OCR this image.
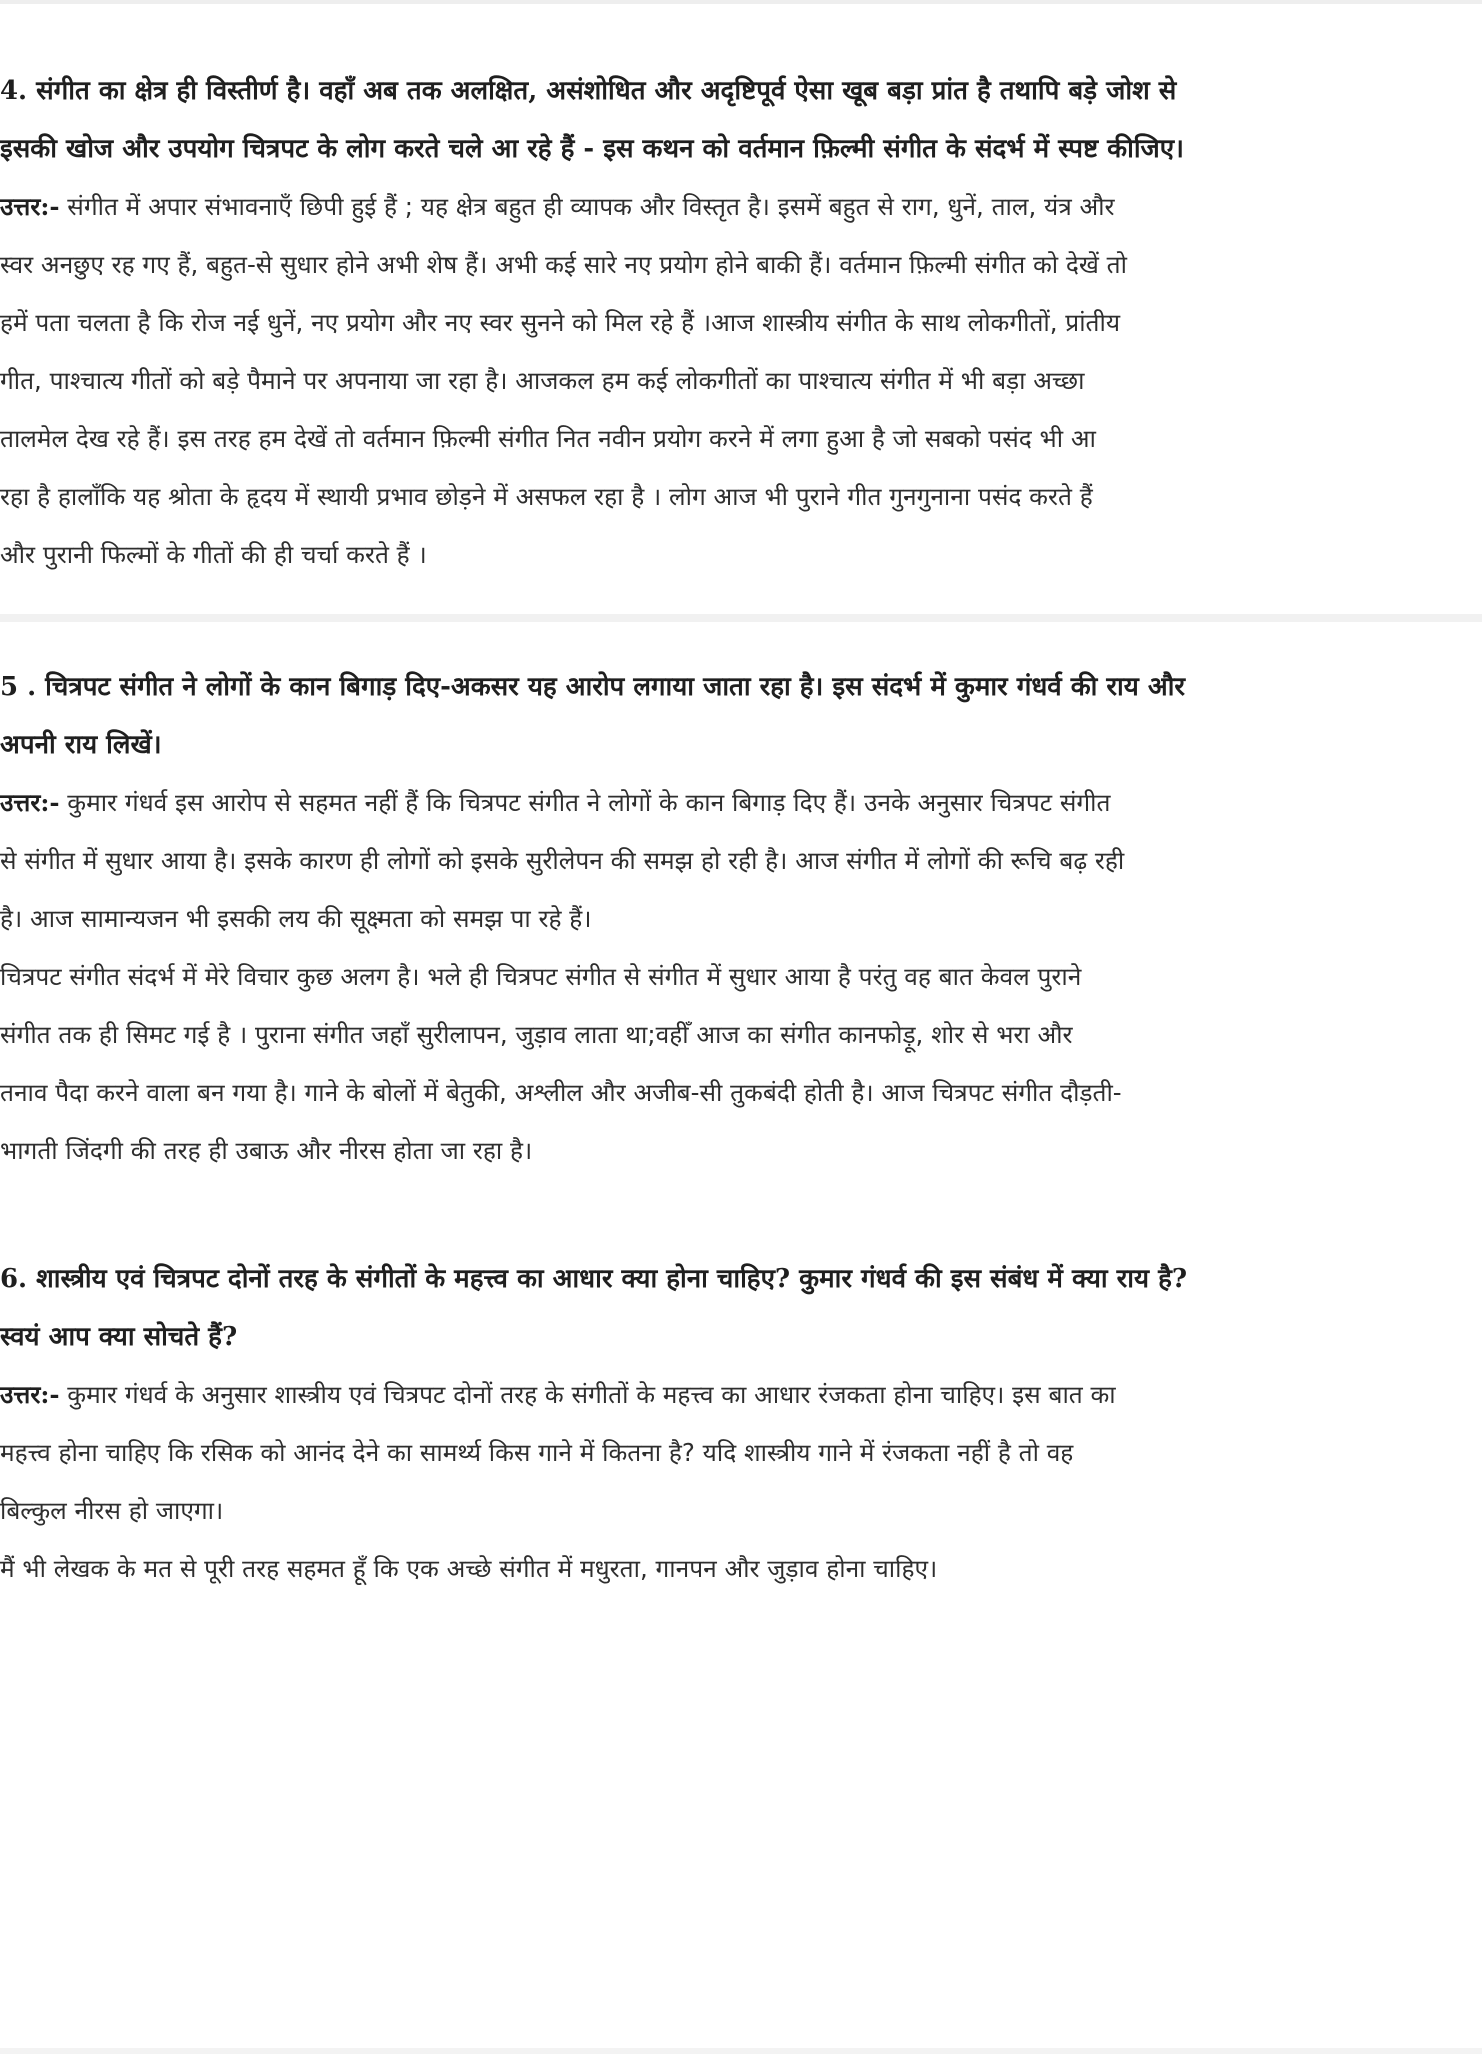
4. संगीत का क्षेत्र ही विस्तीर्ण है। वहाँ अब तक अलक्षित, असंशोधित और अदृष्टिपूर्व ऐसा खूब बड़ा प्रांत है तथापि बड़े जोश से
इसकी खोज और उपयोग चित्रपट के लोग करते चले आ रहे हैं - इस कथन को वर्तमान फ़िल्मी संगीत के संदर्भ में स्पष्ट कीजिए।
उत्तर:- संगीत में अपार संभावनाएँ छिपी हुई हैं ; यह क्षेत्र बहुत ही व्यापक और विस्तृत है। इसमें बहुत से राग, धुनें, ताल, यंत्र और
स्वर अनछुए रह गए हैं, बहुत-से सुधार होने अभी शेष हैं। अभी कई सारे नए प्रयोग होने बाकी हैं। वर्तमान फ़िल्मी संगीत को देखें तो
हमें पता चलता है कि रोज नई धुनें, नए प्रयोग और नए स्वर सुनने को मिल रहे हैं ।आज शास्त्रीय संगीत के साथ लोकगीतों, प्रांतीय
गीत, पाश्चात्य गीतों को बड़े पैमाने पर अपनाया जा रहा है। आजकल हम कई लोकगीतों का पाश्चात्य संगीत में भी बड़ा अच्छा
तालमेल देख रहे हैं। इस तरह हम देखें तो वर्तमान फ़िल्मी संगीत नित नवीन प्रयोग करने में लगा हुआ है जो सबको पसंद भी आ
रहा है हालाँकि यह श्रोता के हृदय में स्थायी प्रभाव छोड़ने में असफल रहा है । लोग आज भी पुराने गीत गुनगुनाना पसंद करते हैं
और पुरानी फिल्मों के गीतों की ही चर्चा करते हैं ।
5 . चित्रपट संगीत ने लोगों के कान बिगाड़ दिए-अकसर यह आरोप लगाया जाता रहा है। इस संदर्भ में कुमार गंधर्व की राय और
अपनी राय लिखें।
उत्तर:- कुमार गंधर्व इस आरोप से सहमत नहीं हैं कि चित्रपट संगीत ने लोगों के कान बिगाड़ दिए हैं। उनके अनुसार चित्रपट संगीत
से संगीत में सुधार आया है। इसके कारण ही लोगों को इसके सुरीलेपन की समझ हो रही है। आज संगीत में लोगों की रूचि बढ़ रही
है। आज सामान्यजन भी इसकी लय की सूक्ष्मता को समझ पा रहे हैं।
चित्रपट संगीत संदर्भ में मेरे विचार कुछ अलग है। भले ही चित्रपट संगीत से संगीत में सुधार आया है परंतु वह बात केवल पुराने
संगीत तक ही सिमट गई है । पुराना संगीत जहाँ सुरीलापन, जुड़ाव लाता था;वहीँ आज का संगीत कानफोड़ू, शोर से भरा और
तनाव पैदा करने वाला बन गया है। गाने के बोलों में बेतुकी, अश्लील और अजीब-सी तुकबंदी होती है। आज चित्रपट संगीत दौड़ती-
भागती जिंदगी की तरह ही उबाऊ और नीरस होता जा रहा है।
6. शास्त्रीय एवं चित्रपट दोनों तरह के संगीतों के महत्त्व का आधार क्या होना चाहिए? कुमार गंधर्व की इस संबंध में क्या राय है?
स्वयं आप क्या सोचते हैं?
उत्तर:- कुमार गंधर्व के अनुसार शास्त्रीय एवं चित्रपट दोनों तरह के संगीतों के महत्त्व का आधार रंजकता होना चाहिए। इस बात का
महत्त्व होना चाहिए कि रसिक को आनंद देने का सामर्थ्य किस गाने में कितना है? यदि शास्त्रीय गाने में रंजकता नहीं है तो वह
बिल्कुल नीरस हो जाएगा।
मैं भी लेखक के मत से पूरी तरह सहमत हूँ कि एक अच्छे संगीत में मधुरता, गानपन और जुड़ाव होना चाहिए।
